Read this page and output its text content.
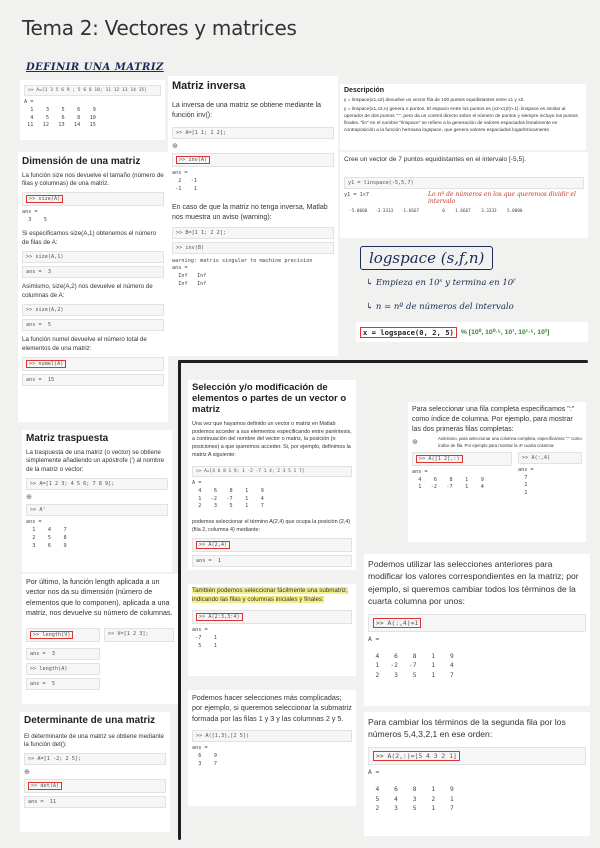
Tema 2: Vectores y matrices
DEFINIR UNA MATRIZ
>> A=[1 3 5 6 9 ; 5 6 8 10; 11 12 13 14 15]
A =
1    3    5    6    9
4    5    6    8   10
11   12   13   14   15
Dimensión de una matriz

La función size nos devuelve el tamaño (número de filas y columnas) de una matriz.

>> size(A)
ans =
3    5

Si especificamos size(A,1) obtenemos el número de filas de A:

>> size(A,1)
ans =  3

Asimismo, size(A,2) nos devuelve el número de columnas de A:

>> size(A,2)
ans =  5

La función numel devuelve el número total de elementos de una matriz:

>> numel(A)
ans =  15
Matriz traspuesta

La traspuesta de una matriz (o vector) se obtiene simplemente añadiendo un apóstrofe (') al nombre de la matriz o vector:

>> A=[1 2 3; 4 5 6; 7 8 9];
⊕
>> A'
ans =
1    4    7
2    5    8
3    6    9

Por último, la función length aplicada a un vector nos da su dimensión (número de elementos que lo componen), aplicada a una matriz, nos devuelve su número de columnas.

>> length(V)	>> V=[1 2 3];
ans =  3
>> length(A)
ans =  5
Determinante de una matriz

El determinante de una matriz se obtiene mediante la función det():

>> A=[1 -2; 2 5];
⊕
>> det(A)
ans =  11
Matriz inversa

La inversa de una matriz se obtiene mediante la función inv():

>> A=[1 1; 1 2];
⊕
>> inv(A)
ans =
2   -1
-1    1

En caso de que la matriz no tenga inversa, Matlab nos muestra un aviso (warning):

>> B=[1 1; 2 2];
>> inv(B)
warning: matrix singular to machine precision
ans =
Inf   Inf
Inf   Inf
Descripción

y = linspace(x1,x2) devuelve un vector fila de 100 puntos equidistantes entre x1 y x2.

y = linspace(x1,x2,n) genera n puntos. El espacio entre los puntos es (x2-x1)/(n-1). linspace es similar al operador de dos puntos ":", pero da un control directo sobre el número de puntos y siempre incluye los puntos finales. "lin" en el nombre "linspace" se refiere a la generación de valores espaciados linealmente en contraposición a la función hermana logspace, que genera valores espaciados logarítmicamente.

Cree un vector de 7 puntos equidistantes en el intervalo [-5,5].

y1 = linspace(-5,5,7)
Lo nº de números en los que queremos dividir el intervalo
y1 = 1×7
-5.0000   -3.3333   -1.6667         0    1.6667    3.3333    5.0000
logspace (s,f,n)
↳ Empieza en 10ˢ y termina en 10ᶠ
↳ n = nº de números del intervalo
x = logspace(0, 2, 5)	% [10⁰, 10⁰·⁵, 10¹, 10¹·⁵, 10²]
Selección y/o modificación de elementos o partes de un vector o matriz

Una vez que hayamos definido un vector o matriz en Matlab podemos acceder a sus elementos especificando entre paréntesis, a continuación del nombre del vector o matriz, la posición (o posiciones) a que queremos acceder. Si, por ejemplo, definimos la matriz A siguiente:

>> A=[4 6 8 1 9; 1 -2 -7 1 4; 2 3 5 1 7]
A =
4    6    8    1    9
1   -2   -7    1    4
2    3    5    1    7

podemos seleccionar el término A(2,4) que ocupa la posición (2,4) (fila 2, columna 4) mediante:

>> A(2,4)
ans =  1

También podemos seleccionar fácilmente una submatriz, indicando las filas y columnas iniciales y finales:

>> A(2:3,3:4)
ans =
-7    1
5    1

Podemos hacer selecciones más complicadas; por ejemplo, si queremos seleccionar la submatriz formada por las filas 1 y 3 y las columnas 2 y 5.

>> A([1,3],[2 5])
ans =
6    9
3    7

Para seleccionar una fila completa especificamos ":" como índice de columna. Por ejemplo, para mostrar las dos primeras filas completas:

⊕

Asimismo, para seleccionar una columna completa, especificamos ":" como índice de fila. Por ejemplo para mostrar la 4ª cuarta columna:

>> A([1 2],:)
ans =
4    6    8    1    9
1   -2   -7    1    4
>> A(:,4)
ans =
7
1
1

Podemos utilizar las selecciones anteriores para modificar los valores correspondientes en la matriz; por ejemplo, si queremos cambiar todos los términos de la cuarta columna por unos:

>> A(:,4)=1
A =
4    6    8    1    9
1   -2   -7    1    4
2    3    5    1    7

Para cambiar los términos de la segunda fila por los números 5,4,3,2,1 en ese orden:

>> A(2,:)=[5 4 3 2 1]
A =
4    6    8    1    9
5    4    3    2    1
2    3    5    1    7
